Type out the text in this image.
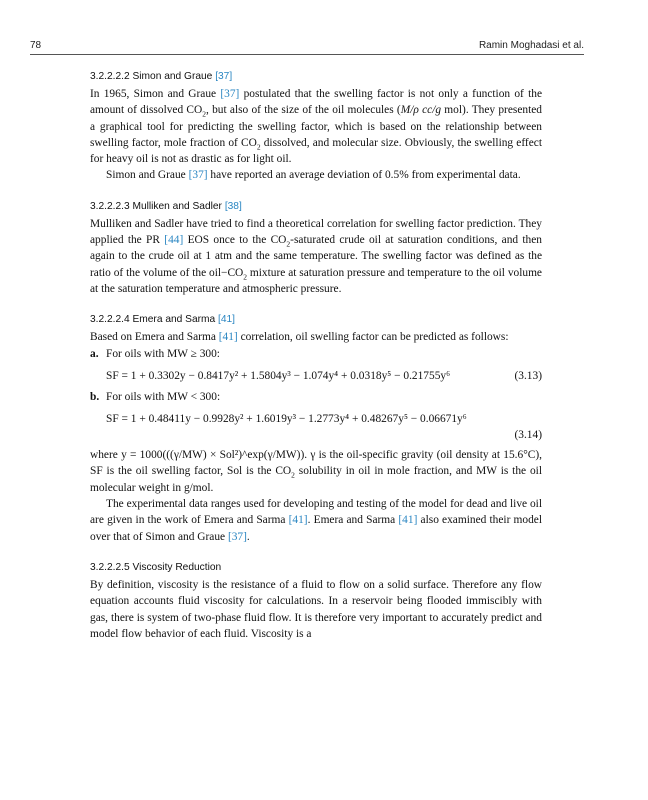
78	Ramin Moghadasi et al.
3.2.2.2.2 Simon and Graue [37]

In 1965, Simon and Graue [37] postulated that the swelling factor is not only a function of the amount of dissolved $CO_2$, but also of the size of the oil molecules (M/ρ cc/g mol). They presented a graphical tool for predicting the swelling factor, which is based on the relationship between swelling factor, mole fraction of $CO_2$ dissolved, and molecular size. Obviously, the swelling effect for heavy oil is not as drastic as for light oil.

Simon and Graue [37] have reported an average deviation of 0.5% from experimental data.

3.2.2.2.3 Mulliken and Sadler [38]

Mulliken and Sadler have tried to find a theoretical correlation for swelling factor prediction. They applied the PR [44] EOS once to the $CO_2$-saturated crude oil at saturation conditions, and then again to the crude oil at 1 atm and the same temperature. The swelling factor was defined as the ratio of the volume of the $oil-CO_2$ mixture at saturation pressure and temperature to the oil volume at the saturation temperature and atmospheric pressure.

3.2.2.2.4 Emera and Sarma [41]

Based on Emera and Sarma [41] correlation, oil swelling factor can be predicted as follows:

a. For oils with MW ≥ 300:
SF = 1 + 0.3302y − 0.8417y² + 1.5804y³ − 1.074y⁴ + 0.0318y⁵ − 0.21755y⁶	(3.13)
b. For oils with MW < 300:
SF = 1 + 0.48411y − 0.9928y² + 1.6019y³ − 1.2773y⁴ + 0.48267y⁵ − 0.06671y⁶
(3.14)

where y = 1000(((γ/MW) × Sol²)^exp(γ/MW)). γ is the oil-specific gravity (oil density at 15.6°C), SF is the oil swelling factor, Sol is the $CO_2$ solubility in oil in mole fraction, and MW is the oil molecular weight in g/mol.

The experimental data ranges used for developing and testing of the model for dead and live oil are given in the work of Emera and Sarma [41]. Emera and Sarma [41] also examined their model over that of Simon and Graue [37].

3.2.2.2.5 Viscosity Reduction

By definition, viscosity is the resistance of a fluid to flow on a solid surface. Therefore any flow equation accounts fluid viscosity for calculations. In a reservoir being flooded immiscibly with gas, there is system of two-phase fluid flow. It is therefore very important to accurately predict and model flow behavior of each fluid. Viscosity is a
